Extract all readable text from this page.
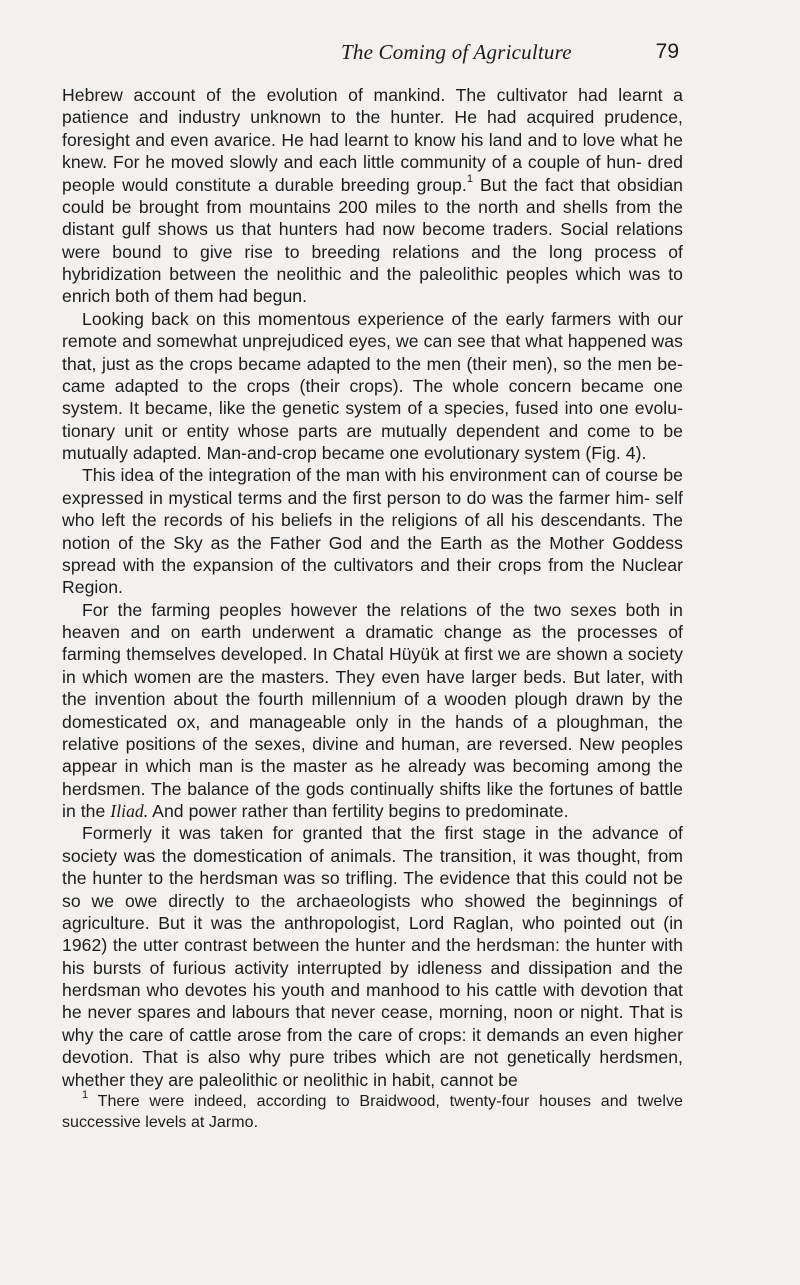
The Coming of Agriculture	79

Hebrew account of the evolution of mankind. The cultivator had learnt a patience and industry unknown to the hunter. He had acquired prudence, foresight and even avarice. He had learnt to know his land and to love what he knew. For he moved slowly and each little community of a couple of hun- dred people would constitute a durable breeding group.$^1$ But the fact that obsidian could be brought from mountains 200 miles to the north and shells from the distant gulf shows us that hunters had now become traders. Social relations were bound to give rise to breeding relations and the long process of hybridization between the neolithic and the paleolithic peoples which was to enrich both of them had begun.

Looking back on this momentous experience of the early farmers with our remote and somewhat unprejudiced eyes, we can see that what happened was that, just as the crops became adapted to the men (their men), so the men be- came adapted to the crops (their crops). The whole concern became one system. It became, like the genetic system of a species, fused into one evolu- tionary unit or entity whose parts are mutually dependent and come to be mutually adapted. Man-and-crop became one evolutionary system (Fig. 4).

This idea of the integration of the man with his environment can of course be expressed in mystical terms and the first person to do was the farmer him- self who left the records of his beliefs in the religions of all his descendants. The notion of the Sky as the Father God and the Earth as the Mother Goddess spread with the expansion of the cultivators and their crops from the Nuclear Region.

For the farming peoples however the relations of the two sexes both in heaven and on earth underwent a dramatic change as the processes of farming themselves developed. In Chatal Hüyük at first we are shown a society in which women are the masters. They even have larger beds. But later, with the invention about the fourth millennium of a wooden plough drawn by the domesticated ox, and manageable only in the hands of a ploughman, the relative positions of the sexes, divine and human, are reversed. New peoples appear in which man is the master as he already was becoming among the herdsmen. The balance of the gods continually shifts like the fortunes of battle in the Iliad. And power rather than fertility begins to predominate.

Formerly it was taken for granted that the first stage in the advance of society was the domestication of animals. The transition, it was thought, from the hunter to the herdsman was so trifling. The evidence that this could not be so we owe directly to the archaeologists who showed the beginnings of agriculture. But it was the anthropologist, Lord Raglan, who pointed out (in 1962) the utter contrast between the hunter and the herdsman: the hunter with his bursts of furious activity interrupted by idleness and dissipation and the herdsman who devotes his youth and manhood to his cattle with devotion that he never spares and labours that never cease, morning, noon or night. That is why the care of cattle arose from the care of crops: it demands an even higher devotion. That is also why pure tribes which are not genetically herdsmen, whether they are paleolithic or neolithic in habit, cannot be

$^1$ There were indeed, according to Braidwood, twenty-four houses and twelve successive levels at Jarmo.
